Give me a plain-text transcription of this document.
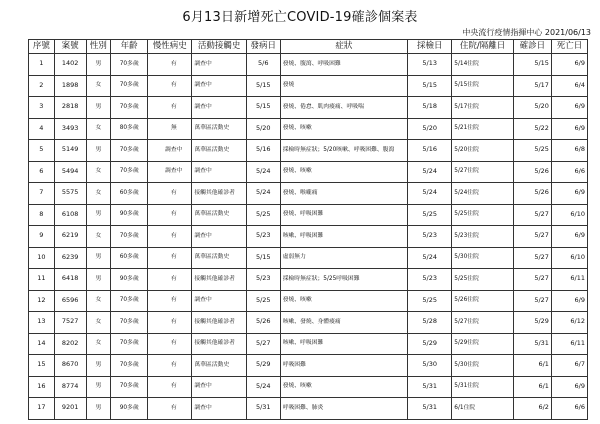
6月13日新增死亡COVID-19確診個案表
中央流行疫情指揮中心 2021/06/13
序號	案號	性別	年齡	慢性病史	活動接觸史	發病日	症狀	採檢日	住院/隔離日	確診日	死亡日
1	1402	男	70多歲	有	調查中	5/6	發燒、腹瀉、呼吸困難	5/13	5/14住院	5/15	6/9
2	1898	女	70多歲	有	調查中	5/15	發燒	5/15	5/15住院	5/17	6/4
3	2818	男	70多歲	有	調查中	5/15	發燒、倦怠、肌肉痠痛、呼吸喘	5/18	5/17住院	5/20	6/9
4	3493	女	80多歲	無	萬華區活動史	5/20	發燒、咳嗽	5/20	5/21住院	5/22	6/9
5	5149	男	70多歲	調查中	萬華區活動史	5/16	採檢時無症狀；5/20咳嗽、呼吸困難、腹瀉	5/16	5/20住院	5/25	6/8
6	5494	女	70多歲	調查中	調查中	5/24	發燒、咳嗽	5/24	5/27住院	5/26	6/6
7	5575	女	60多歲	有	接觸其他確診者	5/24	發燒、喉嚨痛	5/24	5/24住院	5/26	6/9
8	6108	男	90多歲	有	萬華區活動史	5/25	發燒、呼吸困難	5/25	5/25住院	5/27	6/10
9	6219	女	70多歲	有	調查中	5/23	咳嗽、呼吸困難	5/23	5/23住院	5/27	6/9
10	6239	男	60多歲	有	萬華區活動史	5/15	虛弱無力	5/24	5/30住院	5/27	6/10
11	6418	男	90多歲	有	接觸其他確診者	5/23	採檢時無症狀；5/25呼吸困難	5/23	5/25住院	5/27	6/11
12	6596	女	70多歲	有	調查中	5/25	發燒、咳嗽	5/25	5/26住院	5/27	6/9
13	7527	女	70多歲	有	接觸其他確診者	5/26	咳嗽、發燒、身體痠痛	5/28	5/27住院	5/29	6/12
14	8202	女	70多歲	有	接觸其他確診者	5/27	咳嗽、呼吸困難	5/29	5/29住院	5/31	6/11
15	8670	男	70多歲	有	萬華區活動史	5/29	呼吸困難	5/30	5/30住院	6/1	6/7
16	8774	男	70多歲	有	調查中	5/24	發燒、咳嗽	5/31	5/31住院	6/1	6/9
17	9201	男	90多歲	有	調查中	5/31	呼吸困難、肺炎	5/31	6/1住院	6/2	6/6
